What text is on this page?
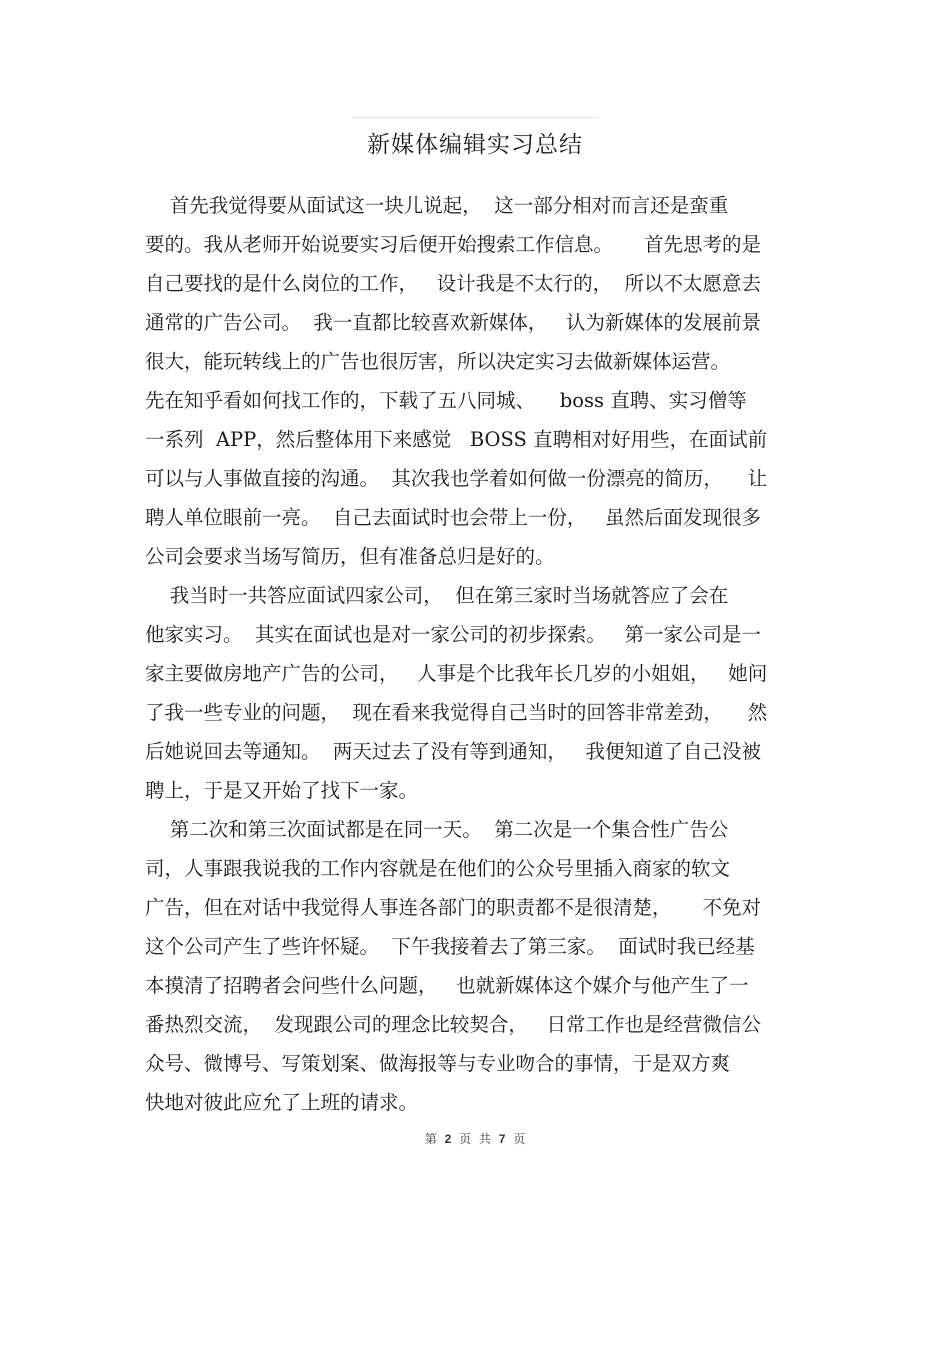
新媒体编辑实习总结
首先我觉得要从面试这一块儿说起，  这一部分相对而言还是蛮重
要的。我从老师开始说要实习后便开始搜索工作信息。     首先思考的是
自己要找的是什么岗位的工作，   设计我是不太行的，  所以不太愿意去
通常的广告公司。  我一直都比较喜欢新媒体，   认为新媒体的发展前景
很大，能玩转线上的广告也很厉害，所以决定实习去做新媒体运营。
先在知乎看如何找工作的，下载了五八同城、    boss 直聘、实习僧等
一系列  APP，然后整体用下来感觉   BOSS 直聘相对好用些，在面试前
可以与人事做直接的沟通。  其次我也学着如何做一份漂亮的简历，    让
聘人单位眼前一亮。  自己去面试时也会带上一份，   虽然后面发现很多
公司会要求当场写简历，但有准备总归是好的。
我当时一共答应面试四家公司，  但在第三家时当场就答应了会在
他家实习。  其实在面试也是对一家公司的初步探索。   第一家公司是一
家主要做房地产广告的公司，   人事是个比我年长几岁的小姐姐，   她问
了我一些专业的问题，  现在看来我觉得自己当时的回答非常差劲，    然
后她说回去等通知。  两天过去了没有等到通知，   我便知道了自己没被
聘上，于是又开始了找下一家。
第二次和第三次面试都是在同一天。  第二次是一个集合性广告公
司，人事跟我说我的工作内容就是在他们的公众号里插入商家的软文
广告，但在对话中我觉得人事连各部门的职责都不是很清楚，     不免对
这个公司产生了些许怀疑。  下午我接着去了第三家。  面试时我已经基
本摸清了招聘者会问些什么问题，   也就新媒体这个媒介与他产生了一
番热烈交流，  发现跟公司的理念比较契合，   日常工作也是经营微信公
众号、微博号、写策划案、做海报等与专业吻合的事情，于是双方爽
快地对彼此应允了上班的请求。
第 2 页 共 7 页
